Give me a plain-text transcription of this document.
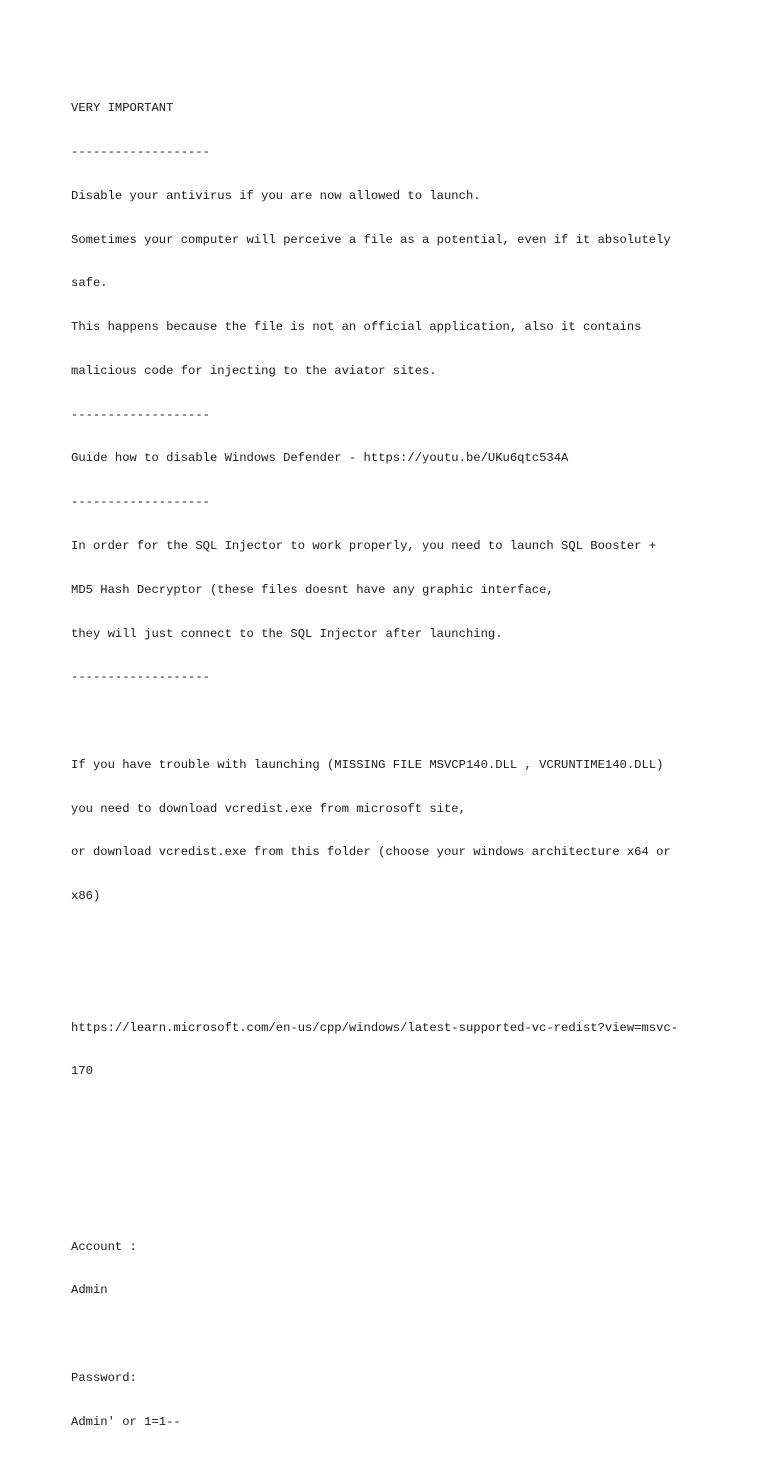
VERY IMPORTANT

-------------------

Disable your antivirus if you are now allowed to launch.

Sometimes your computer will perceive a file as a potential, even if it absolutely

safe.

This happens because the file is not an official application, also it contains

malicious code for injecting to the aviator sites.

-------------------

Guide how to disable Windows Defender - https://youtu.be/UKu6qtc534A

-------------------

In order for the SQL Injector to work properly, you need to launch SQL Booster +

MD5 Hash Decryptor (these files doesnt have any graphic interface,

they will just connect to the SQL Injector after launching.

-------------------

If you have trouble with launching (MISSING FILE MSVCP140.DLL , VCRUNTIME140.DLL)

you need to download vcredist.exe from microsoft site,

or download vcredist.exe from this folder (choose your windows architecture x64 or

x86)

https://learn.microsoft.com/en-us/cpp/windows/latest-supported-vc-redist?view=msvc-

170

Account :

Admin

Password:

Admin' or 1=1--
